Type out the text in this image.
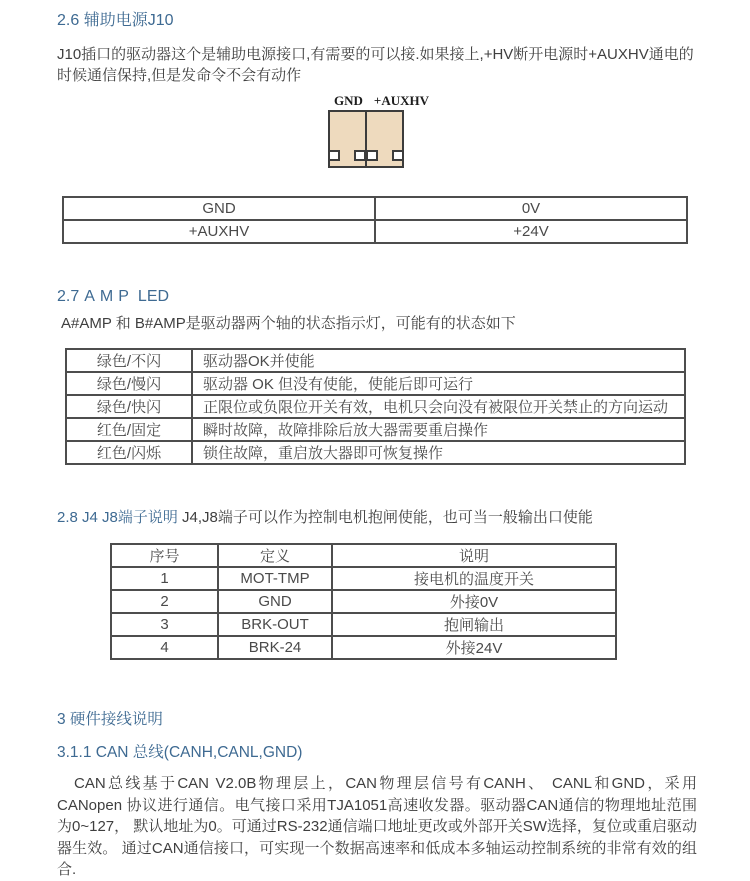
2.6 辅助电源J10

J10插口的驱动器这个是辅助电源接口,有需要的可以接.如果接上,+HV断开电源时+AUXHV通电的时候通信保持,但是发命令不会有动作

GND +AUXHV
GND	0V
+AUXHV	+24V
2.7 AMP LED

A#AMP 和 B#AMP是驱动器两个轴的状态指示灯，可能有的状态如下

绿色/不闪	驱动器OK并使能
绿色/慢闪	驱动器 OK 但没有使能，使能后即可运行
绿色/快闪	正限位或负限位开关有效，电机只会向没有被限位开关禁止的方向运动
红色/固定	瞬时故障，故障排除后放大器需要重启操作
红色/闪烁	锁住故障，重启放大器即可恢复操作

2.8 J4 J8端子说明 J4,J8端子可以作为控制电机抱闸使能，也可当一般输出口使能

序号	定义	说明
1	MOT-TMP	接电机的温度开关
2	GND	外接0V
3	BRK-OUT	抱闸输出
4	BRK-24	外接24V
3 硬件接线说明
3.1.1 CAN 总线(CANH,CANL,GND)

CAN总线基于CAN V2.0B物理层上，CAN物理层信号有CANH、 CANL和GND，采用CANopen 协议进行通信。电气接口采用TJA1051高速收发器。驱动器CAN通信的物理地址范围为0~127， 默认地址为0。可通过RS-232通信端口地址更改或外部开关SW选择，复位或重启驱动器生效。 通过CAN通信接口，可实现一个数据高速率和低成本多轴运动控制系统的非常有效的组合.
